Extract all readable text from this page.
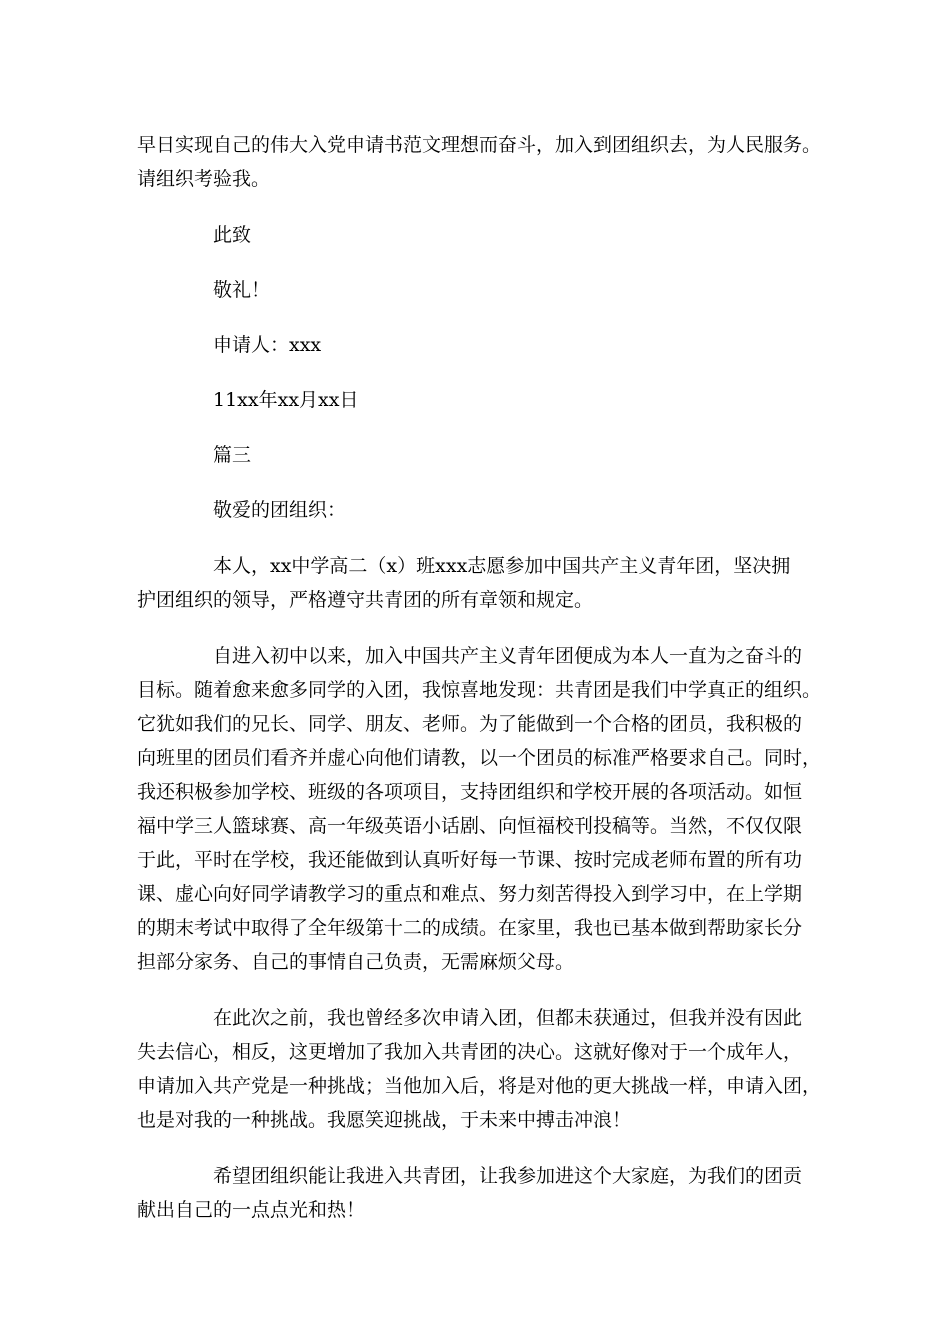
早日实现自己的伟大入党申请书范文理想而奋斗，加入到团组织去，为人民服务。
请组织考验我。
此致
敬礼！
申请人：xxx
11xx年xx月xx日
篇三
敬爱的团组织：
本人，xx中学高二（x）班xxx志愿参加中国共产主义青年团，坚决拥
护团组织的领导，严格遵守共青团的所有章领和规定。
自进入初中以来，加入中国共产主义青年团便成为本人一直为之奋斗的
目标。随着愈来愈多同学的入团，我惊喜地发现：共青团是我们中学真正的组织。
它犹如我们的兄长、同学、朋友、老师。为了能做到一个合格的团员，我积极的
向班里的团员们看齐并虚心向他们请教，以一个团员的标准严格要求自己。同时，
我还积极参加学校、班级的各项项目，支持团组织和学校开展的各项活动。如恒
福中学三人篮球赛、高一年级英语小话剧、向恒福校刊投稿等。当然，不仅仅限
于此，平时在学校，我还能做到认真听好每一节课、按时完成老师布置的所有功
课、虚心向好同学请教学习的重点和难点、努力刻苦得投入到学习中，在上学期
的期末考试中取得了全年级第十二的成绩。在家里，我也已基本做到帮助家长分
担部分家务、自己的事情自己负责，无需麻烦父母。
在此次之前，我也曾经多次申请入团，但都未获通过，但我并没有因此
失去信心，相反，这更增加了我加入共青团的决心。这就好像对于一个成年人，
申请加入共产党是一种挑战；当他加入后，将是对他的更大挑战一样，申请入团，
也是对我的一种挑战。我愿笑迎挑战，于未来中搏击冲浪！
希望团组织能让我进入共青团，让我参加进这个大家庭，为我们的团贡
献出自己的一点点光和热！
